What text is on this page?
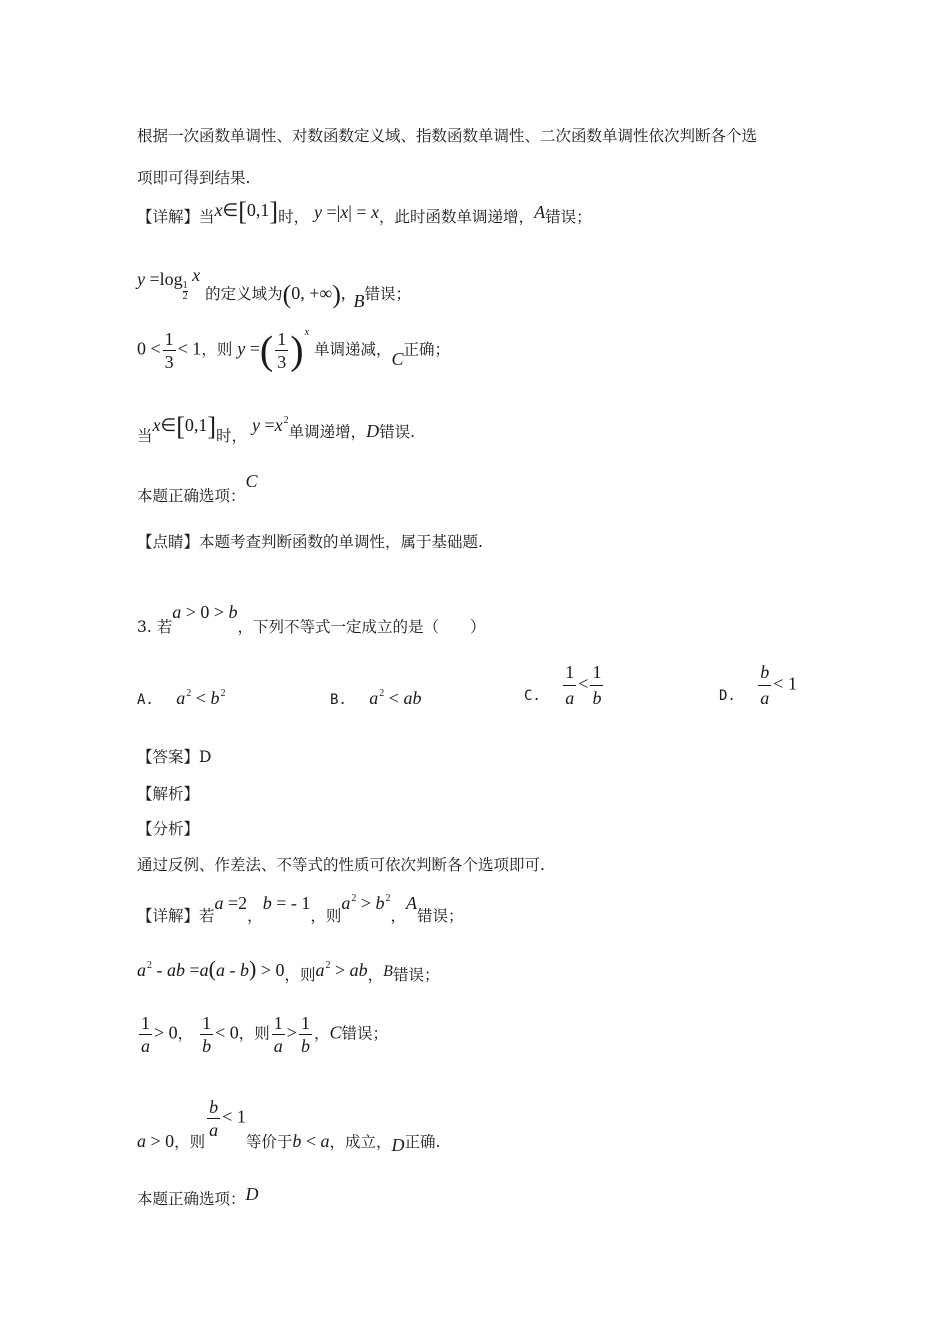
根据一次函数单调性、对数函数定义域、指数函数单调性、二次函数单调性依次判断各个选
项即可得到结果.
【详解】当x∈[0,1]时， y =|x| = x，此时函数单调递增，A错误；
y =log
$\frac{1}{2}$
x 的定义域为(0, +∞), B错误；
$0 < \frac{1}{3} < 1$，则 y =( $\frac{1}{3} )^x$ 单调递减，C正确；
当x∈[0,1]时， $y =x^2$单调递增，D错误.
本题正确选项：C
【点睛】本题考查判断函数的单调性，属于基础题.
3. 若a > 0 > b，下列不等式一定成立的是（　　）
A. $a^2 < b^2$	B. $a^2$ < ab	C. $\frac{1}{a} < \frac{1}{b}$	D. $\frac{b}{a} < 1$
【答案】D
【解析】
【分析】
通过反例、作差法、不等式的性质可依次判断各个选项即可.
【详解】若a =2，b = - 1，则$a^2 > b^2$，A错误；
$a^2$ - ab =a(a - b) > 0，则$a^2$ > ab，B错误；
$\frac{1}{a} > 0$， $\frac{1}{b} < 0$，则 $\frac{1}{a} > \frac{1}{b}$ ，C错误；
a > 0，则
$\frac{b}{a} < 1$等价于b < a，成立，D正确.
本题正确选项：D
